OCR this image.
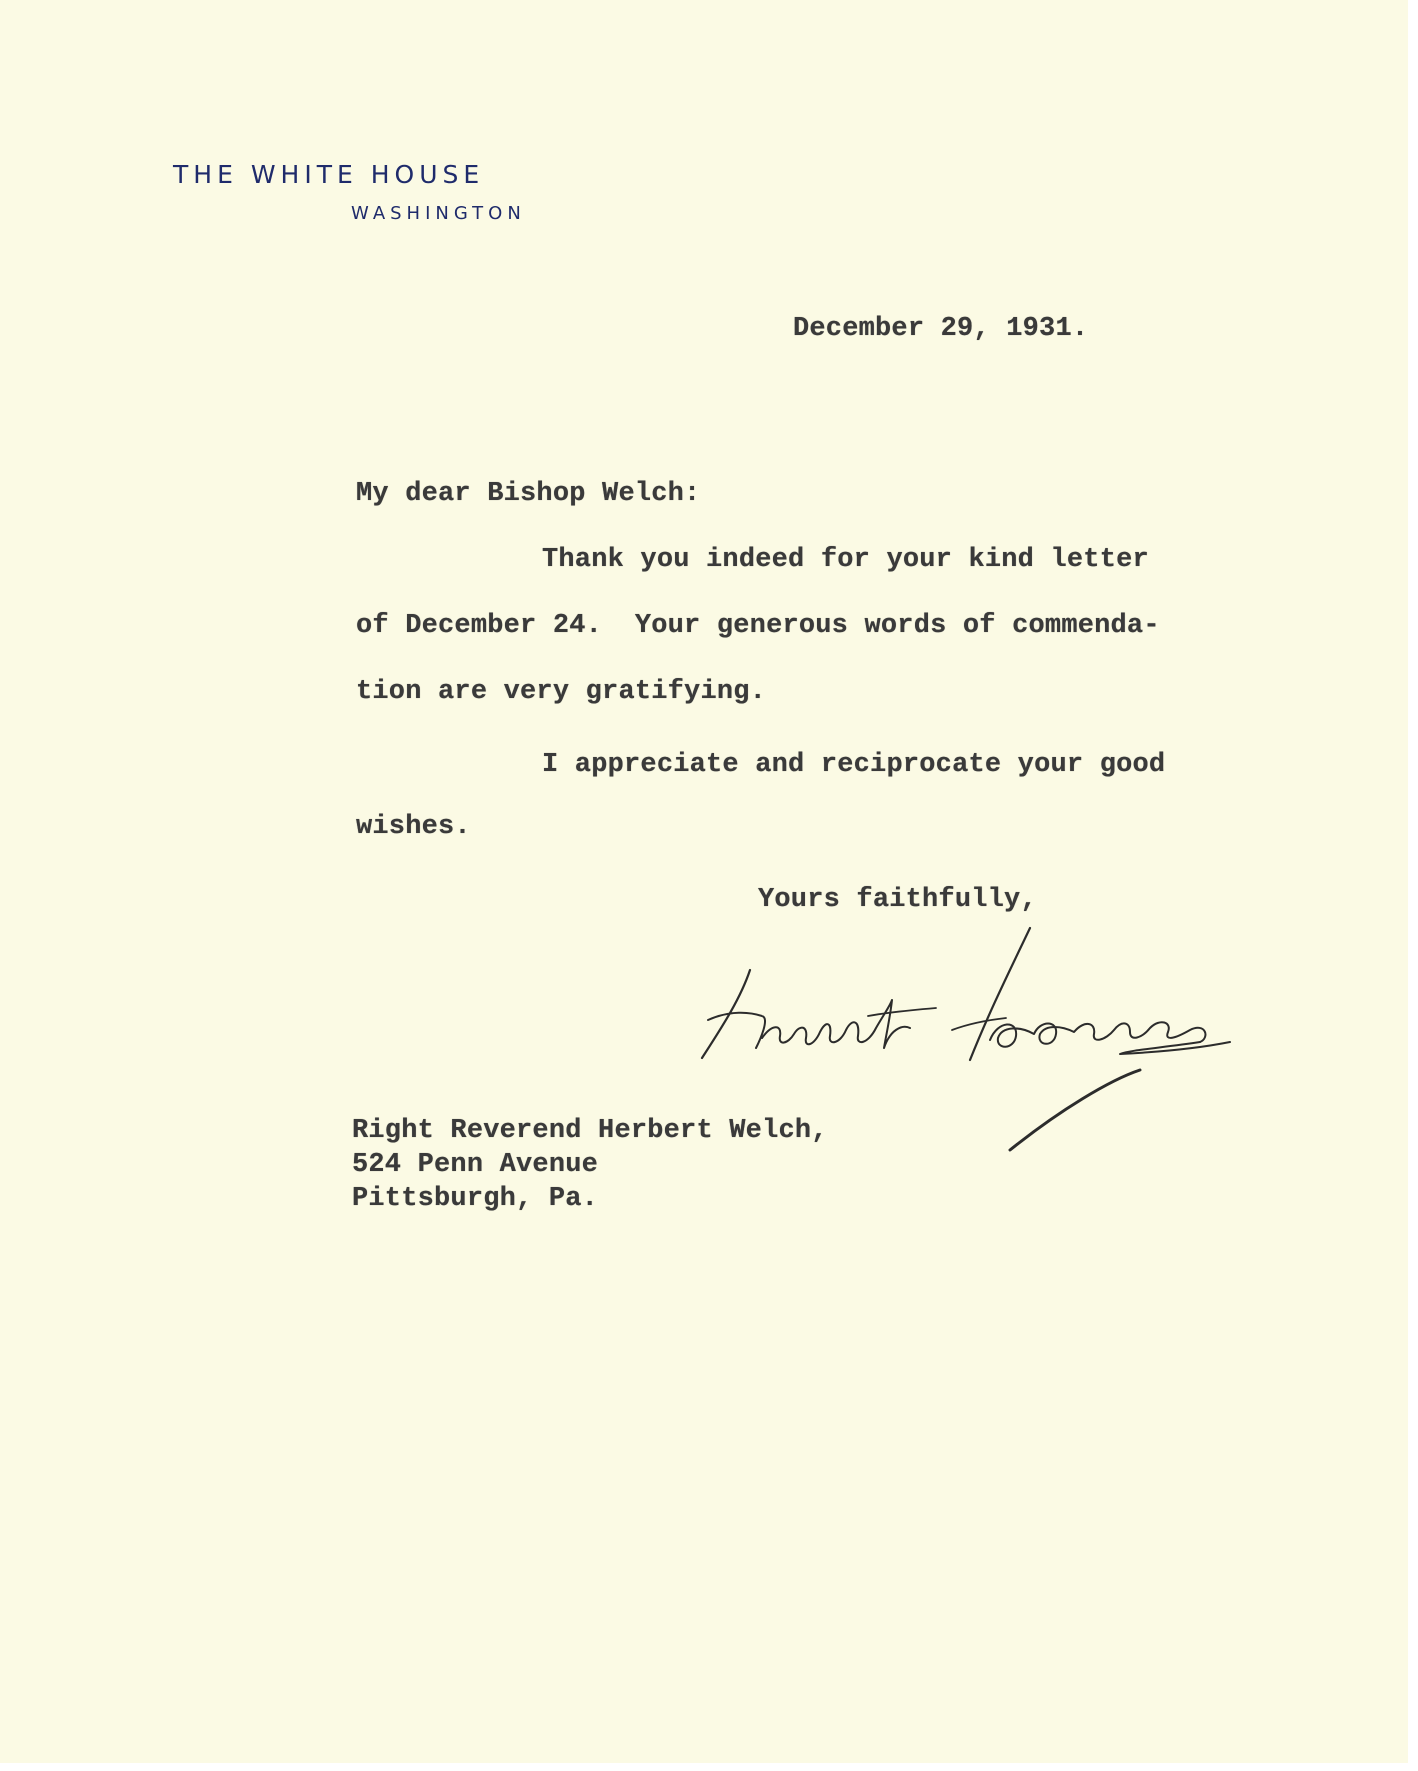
THE WHITE HOUSE

WASHINGTON

December 29, 1931.

My dear Bishop Welch:

Thank you indeed for your kind letter

of December 24.  Your generous words of commenda-

tion are very gratifying.

I appreciate and reciprocate your good

wishes.

Yours faithfully,

Right Reverend Herbert Welch,

524 Penn Avenue

Pittsburgh, Pa.
